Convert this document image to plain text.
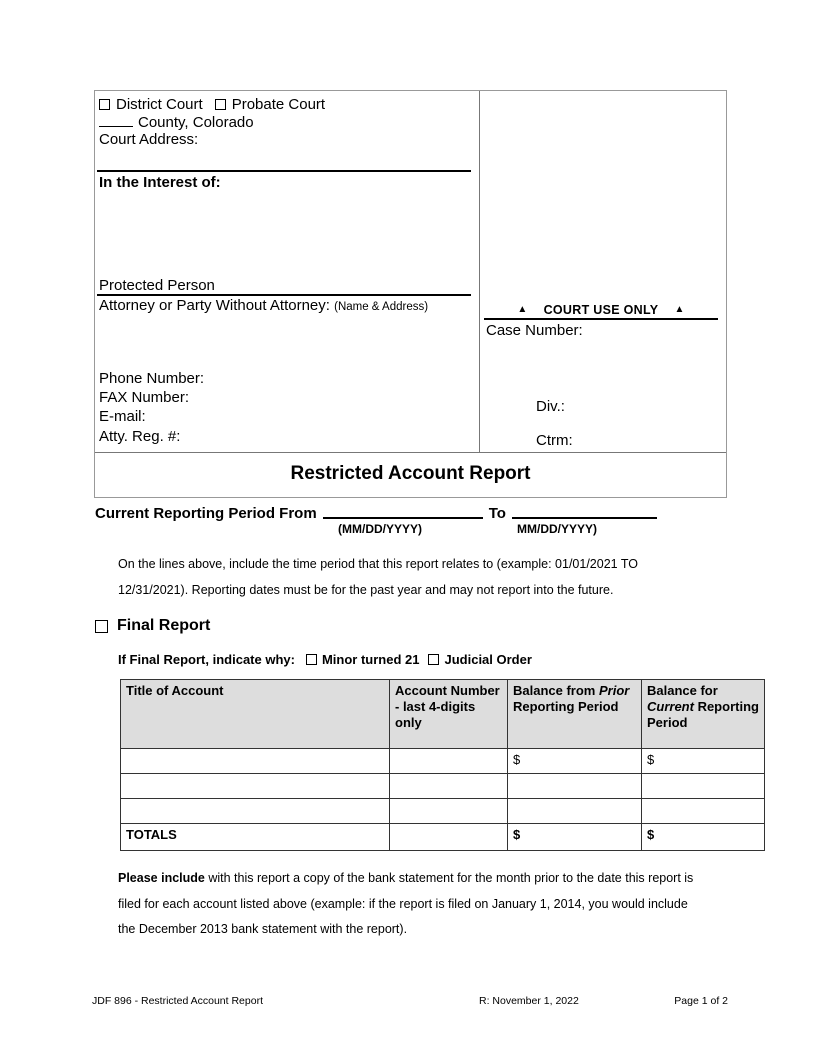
District Court Probate Court
County, Colorado
Court Address:
In the Interest of:
Protected Person
Attorney or Party Without Attorney: (Name & Address)
Phone Number:
FAX Number:
E-mail:
Atty. Reg. #:
▲ COURT USE ONLY ▲
Case Number:

Div.:

Ctrm:

Restricted Account Report
Current Reporting Period From	To
(MM/DD/YYYY)	MM/DD/YYYY)
On the lines above, include the time period that this report relates to (example: 01/01/2021 TO 12/31/2021). Reporting dates must be for the past year and may not report into the future.
Final Report
If Final Report, indicate why: Minor turned 21 Judicial Order
Title of Account	Account Number - last 4-digits only	Balance from Prior Reporting Period	Balance for Current Reporting Period
		$	$

TOTALS		$	$
Please include with this report a copy of the bank statement for the month prior to the date this report is filed for each account listed above (example: if the report is filed on January 1, 2014, you would include the December 2013 bank statement with the report).
JDF 896 - Restricted Account Report	R: November 1, 2022	Page 1 of 2
